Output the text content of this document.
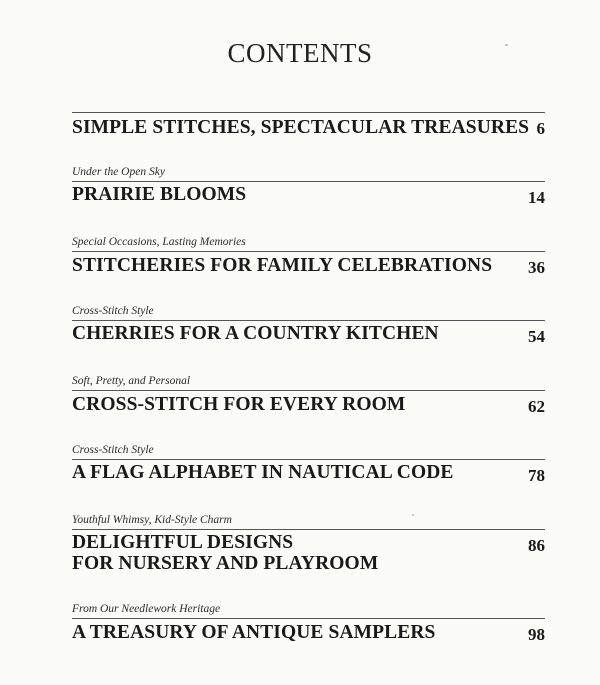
CONTENTS
SIMPLE STITCHES, SPECTACULAR TREASURES 6
Under the Open Sky
PRAIRIE BLOOMS	14
Special Occasions, Lasting Memories
STITCHERIES FOR FAMILY CELEBRATIONS 36
Cross-Stitch Style
CHERRIES FOR A COUNTRY KITCHEN	54
Soft, Pretty, and Personal
CROSS-STITCH FOR EVERY ROOM	62
Cross-Stitch Style
A FLAG ALPHABET IN NAUTICAL CODE	78
Youthful Whimsy, Kid-Style Charm
DELIGHTFUL DESIGNS
FOR NURSERY AND PLAYROOM
86
From Our Needlework Heritage
A TREASURY OF ANTIQUE SAMPLERS	98
